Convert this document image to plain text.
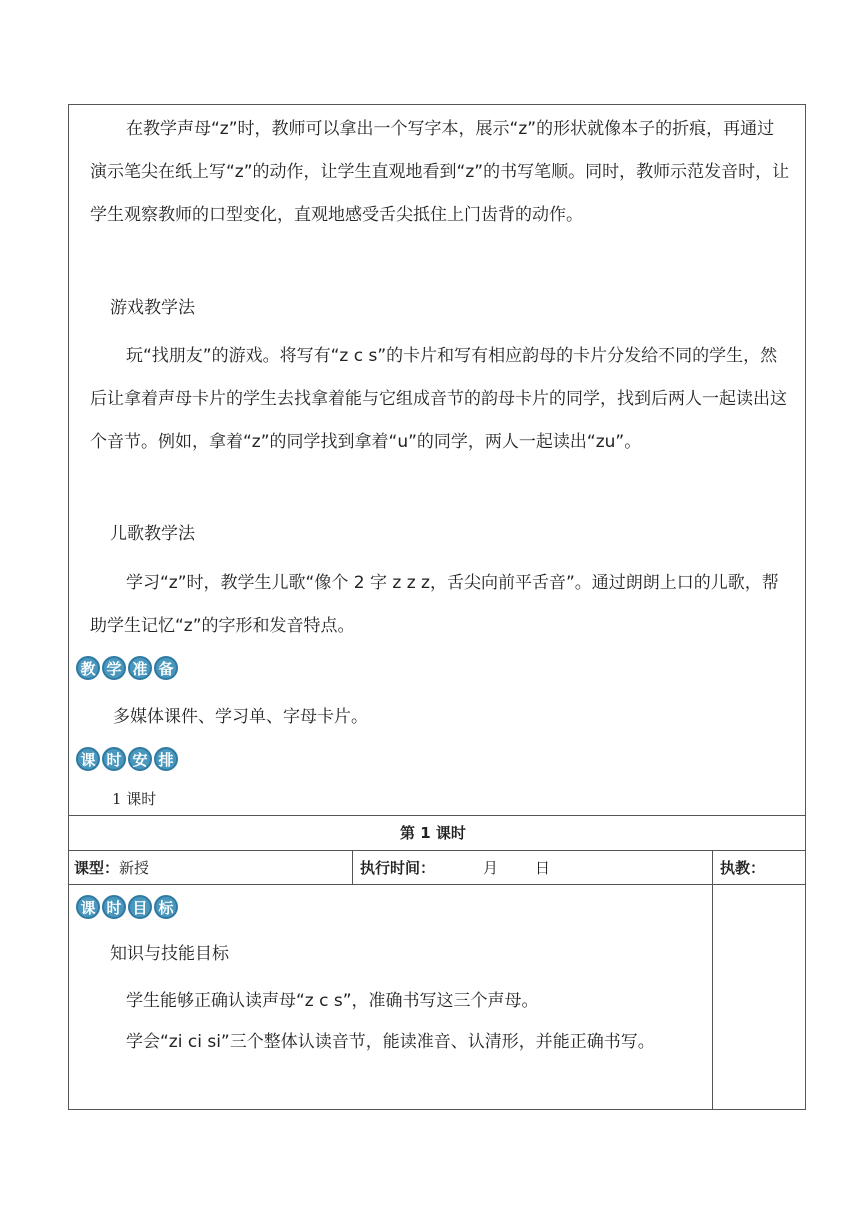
在教学声母“z”时，教师可以拿出一个写字本，展示“z”的形状就像本子的折痕，再通过演示笔尖在纸上写“z”的动作，让学生直观地看到“z”的书写笔顺。同时，教师示范发音时，让学生观察教师的口型变化，直观地感受舌尖抵住上门齿背的动作。

游戏教学法

玩“找朋友”的游戏。将写有“z c s”的卡片和写有相应韵母的卡片分发给不同的学生，然后让拿着声母卡片的学生去找拿着能与它组成音节的韵母卡片的同学，找到后两人一起读出这个音节。例如，拿着“z”的同学找到拿着“u”的同学，两人一起读出“zu”。

儿歌教学法

学习“z”时，教学生儿歌“像个 2 字 z z z，舌尖向前平舌音”。通过朗朗上口的儿歌，帮助学生记忆“z”的字形和发音特点。

教 学 准 备
多媒体课件、学习单、字母卡片。
课 时 安 排
1 课时
第 1 课时
课型：新授	执行时间：	月 日	执教：
课 时 目 标
知识与技能目标
学生能够正确认读声母“z c s”，准确书写这三个声母。

学会“zi ci si”三个整体认读音节，能读准音、认清形，并能正确书写。
